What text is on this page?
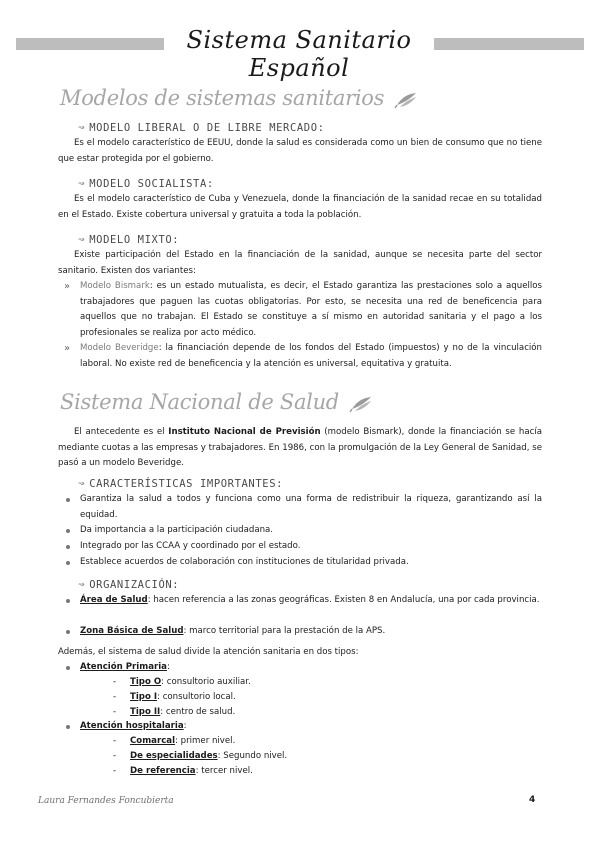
Sistema Sanitario Español
Modelos de sistemas sanitarios
↝ MODELO LIBERAL O DE LIBRE MERCADO:
Es el modelo característico de EEUU, donde la salud es considerada como un bien de consumo que no tiene que estar protegida por el gobierno.
↝ MODELO SOCIALISTA:
Es el modelo característico de Cuba y Venezuela, donde la financiación de la sanidad recae en su totalidad en el Estado. Existe cobertura universal y gratuita a toda la población.
↝ MODELO MIXTO:
Existe participación del Estado en la financiación de la sanidad, aunque se necesita parte del sector sanitario. Existen dos variantes:
» Modelo Bismark: es un estado mutualista, es decir, el Estado garantiza las prestaciones solo a aquellos trabajadores que paguen las cuotas obligatorias. Por esto, se necesita una red de beneficencia para aquellos que no trabajan. El Estado se constituye a sí mismo en autoridad sanitaria y el pago a los profesionales se realiza por acto médico.
» Modelo Beveridge: la financiación depende de los fondos del Estado (impuestos) y no de la vinculación laboral. No existe red de beneficencia y la atención es universal, equitativa y gratuita.
Sistema Nacional de Salud
El antecedente es el Instituto Nacional de Previsión (modelo Bismark), donde la financiación se hacía mediante cuotas a las empresas y trabajadores. En 1986, con la promulgación de la Ley General de Sanidad, se pasó a un modelo Beveridge.
↝ CARACTERÍSTICAS IMPORTANTES:
Garantiza la salud a todos y funciona como una forma de redistribuir la riqueza, garantizando así la equidad.
Da importancia a la participación ciudadana.
Integrado por las CCAA y coordinado por el estado.
Establece acuerdos de colaboración con instituciones de titularidad privada.
↝ ORGANIZACIÓN:
Área de Salud: hacen referencia a las zonas geográficas. Existen 8 en Andalucía, una por cada provincia.
Zona Básica de Salud: marco territorial para la prestación de la APS.
Además, el sistema de salud divide la atención sanitaria en dos tipos:
Atención Primaria:
- Tipo O: consultorio auxiliar.
- Tipo I: consultorio local.
- Tipo II: centro de salud.
Atención hospitalaria:
- Comarcal: primer nivel.
- De especialidades: Segundo nivel.
- De referencia: tercer nivel.
Laura Fernandes Foncubierta	4
